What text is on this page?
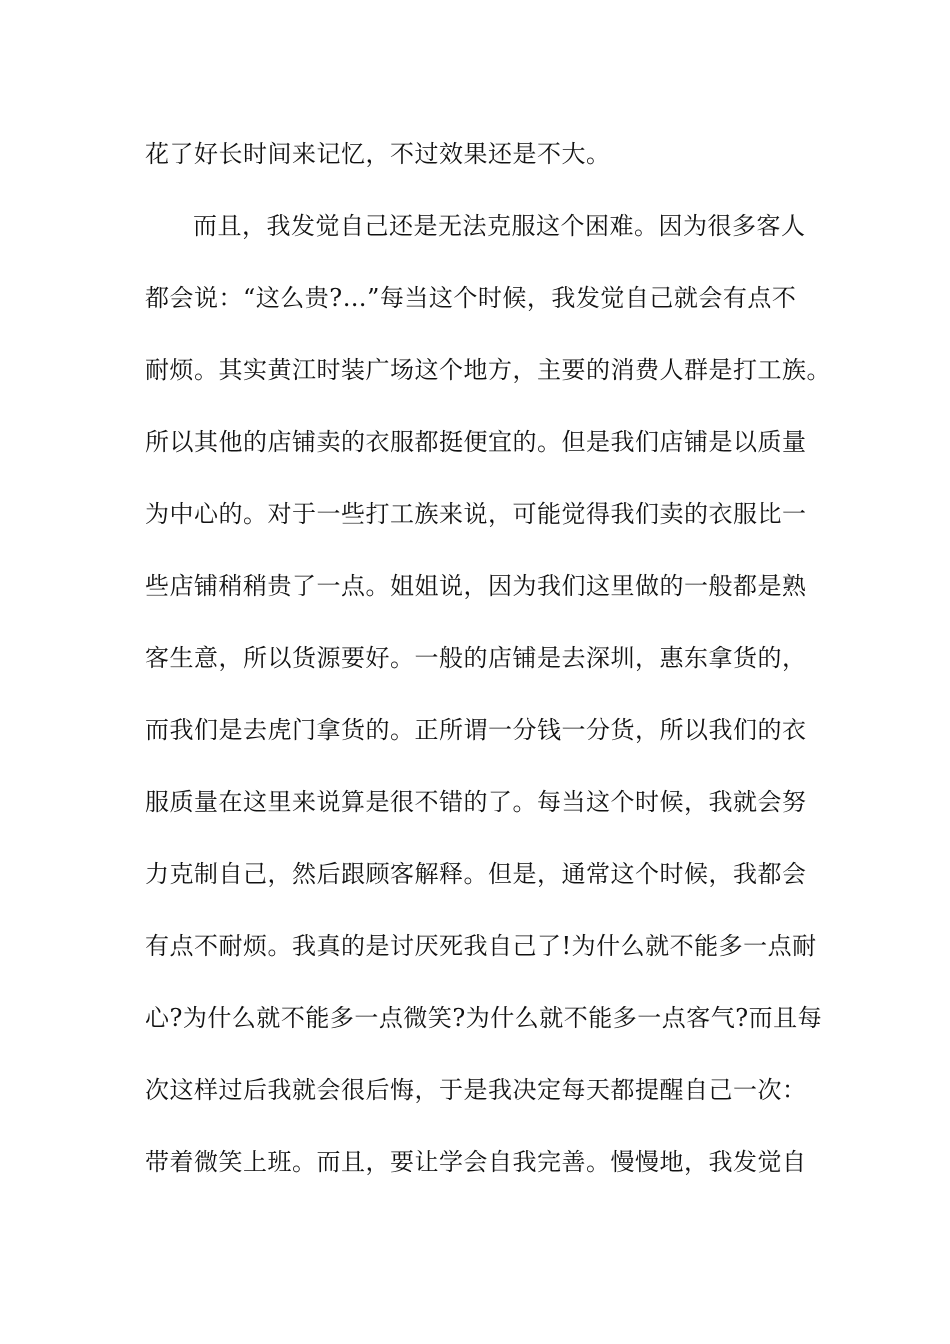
花了好长时间来记忆，不过效果还是不大。
而且，我发觉自己还是无法克服这个困难。因为很多客人
都会说：“这么贵?…”每当这个时候，我发觉自己就会有点不
耐烦。其实黄江时装广场这个地方，主要的消费人群是打工族。
所以其他的店铺卖的衣服都挺便宜的。但是我们店铺是以质量
为中心的。对于一些打工族来说，可能觉得我们卖的衣服比一
些店铺稍稍贵了一点。姐姐说，因为我们这里做的一般都是熟
客生意，所以货源要好。一般的店铺是去深圳，惠东拿货的，
而我们是去虎门拿货的。正所谓一分钱一分货，所以我们的衣
服质量在这里来说算是很不错的了。每当这个时候，我就会努
力克制自己，然后跟顾客解释。但是，通常这个时候，我都会
有点不耐烦。我真的是讨厌死我自己了!为什么就不能多一点耐
心?为什么就不能多一点微笑?为什么就不能多一点客气?而且每
次这样过后我就会很后悔，于是我决定每天都提醒自己一次：
带着微笑上班。而且，要让学会自我完善。慢慢地，我发觉自
